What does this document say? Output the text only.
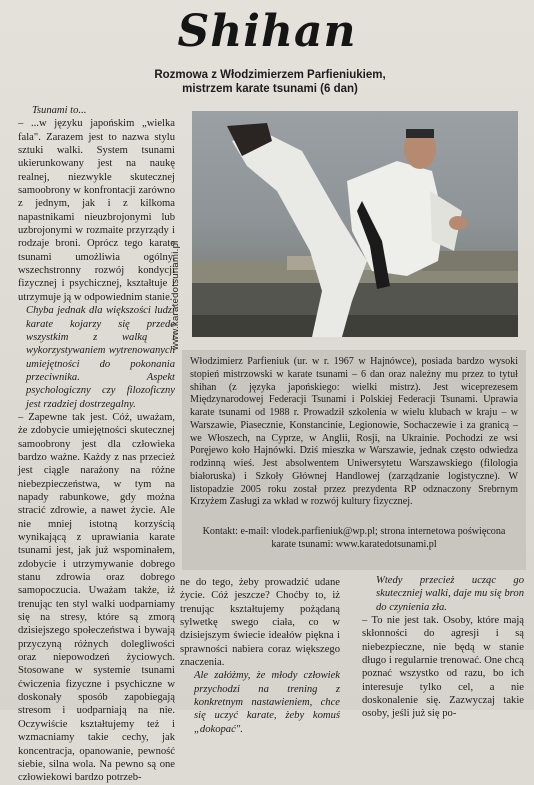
Shihan
Rozmowa z Włodzimierzem Parfieniukiem,
mistrzem karate tsunami (6 dan)

Tsunami to...

– ...w języku japońskim „wielka fala". Zarazem jest to nazwa stylu sztuki walki. System tsunami ukierunkowany jest na naukę realnej, niezwykle skutecznej samoobrony w konfrontacji zarówno z jednym, jak i z kilkoma napastnikami nieuzbrojonymi lub uzbrojonymi w rozmaite przyrządy i rodzaje broni. Oprócz tego karate tsunami umożliwia ogólny, wszechstronny rozwój kondycji fizycznej i psychicznej, kształtuje i utrzymuje ją w odpowiednim stanie.

Chyba jednak dla większości ludzi karate kojarzy się przede wszystkim z walką i wykorzystywaniem wytrenowanych umiejętności do pokonania przeciwnika. Aspekt psychologiczny czy filozoficzny jest rzadziej dostrzegalny.

– Zapewne tak jest. Cóż, uważam, że zdobycie umiejętności skutecznej samoobrony jest dla człowieka bardzo ważne. Każdy z nas przecież jest ciągle narażony na różne niebezpieczeństwa, w tym na napady rabunkowe, gdy można stracić zdrowie, a nawet życie. Ale nie mniej istotną korzyścią wynikającą z uprawiania karate tsunami jest, jak już wspominałem, zdobycie i utrzymywanie dobrego stanu zdrowia oraz dobrego samopoczucia. Uważam także, iż trenując ten styl walki uodparniamy się na stresy, które są zmorą dzisiejszego społeczeństwa i bywają przyczyną różnych dolegliwości oraz niepowodzeń życiowych. Stosowane w systemie tsunami ćwiczenia fizyczne i psychiczne w doskonały sposób zapobiegają stresom i uodparniają na nie. Oczywiście kształtujemy też i wzmacniamy takie cechy, jak koncentracja, opanowanie, pewność siebie, silna wola. Na pewno są one człowiekowi bardzo potrzeb-

www.karatedotsunami.pl
Włodzimierz Parfieniuk (ur. w r. 1967 w Hajnówce), posiada bardzo wysoki stopień mistrzowski w karate tsunami – 6 dan oraz należny mu przez to tytuł shihan (z języka japońskiego: wielki mistrz). Jest wiceprezesem Międzynarodowej Federacji Tsunami i Polskiej Federacji Tsunami. Uprawia karate tsunami od 1988 r. Prowadził szkolenia w wielu klubach w kraju – w Warszawie, Piasecznie, Konstancinie, Legionowie, Sochaczewie i za granicą – we Włoszech, na Cyprze, w Anglii, Rosji, na Ukrainie. Pochodzi ze wsi Poręjewo koło Hajnówki. Dziś mieszka w Warszawie, jednak często odwiedza rodzinną wieś. Jest absolwentem Uniwersytetu Warszawskiego (filologia białoruska) i Szkoły Głównej Handlowej (zarządzanie logistyczne). W listopadzie 2005 roku został przez prezydenta RP odznaczony Srebrnym Krzyżem Zasługi za wkład w rozwój kultury fizycznej.
Kontakt: e-mail: vlodek.parfieniuk@wp.pl; strona internetowa poświęcona karate tsunami: www.karatedotsunami.pl

ne do tego, żeby prowadzić udane życie. Cóż jeszcze? Choćby to, iż trenując kształtujemy pożądaną sylwetkę swego ciała, co w dzisiejszym świecie ideałów piękna i sprawności nabiera coraz większego znaczenia.

Ale załóżmy, że młody człowiek przychodzi na trening z konkretnym nastawieniem, chce się uczyć karate, żeby komuś „dokopać".

Wtedy przecież ucząc go skuteczniej walki, daje mu się bron do czynienia zła.

– To nie jest tak. Osoby, które mają skłonności do agresji i są niebezpieczne, nie będą w stanie długo i regularnie trenować. One chcą poznać wszystko od razu, bo ich interesuje tylko cel, a nie doskonalenie się. Zazwyczaj takie osoby, jeśli już się po-
